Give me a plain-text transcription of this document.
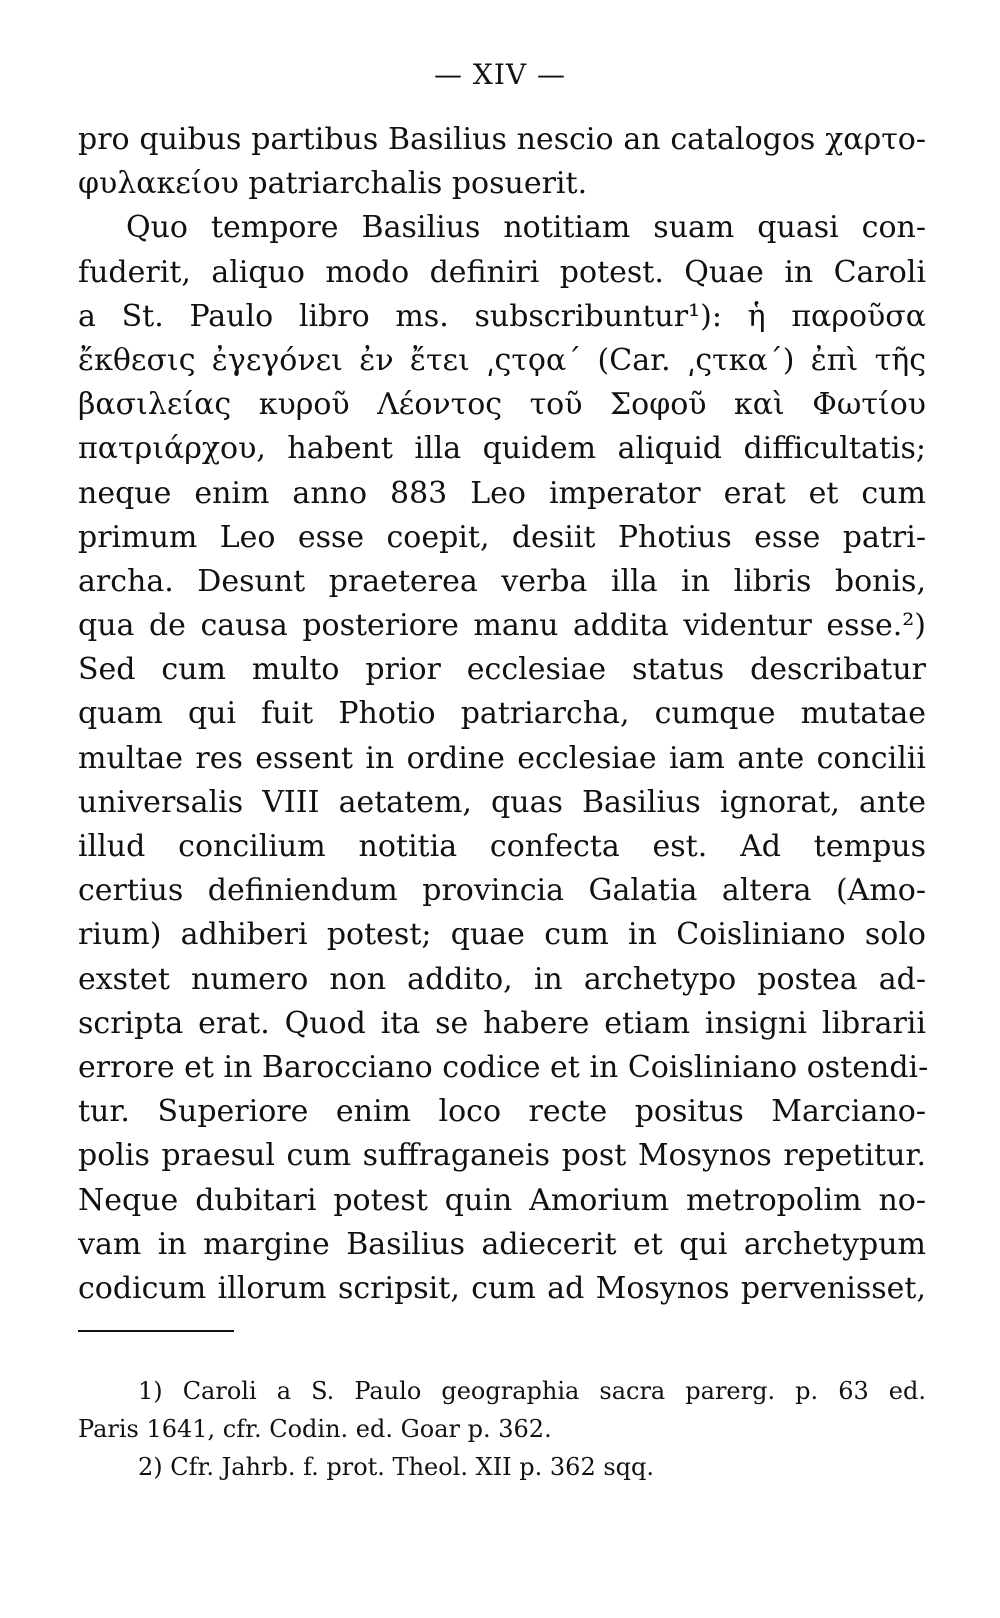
— XIV —
pro quibus partibus Basilius nescio an catalogos χαρτο-
φυλακείου patriarchalis posuerit.
Quo tempore Basilius notitiam suam quasi con-
fuderit, aliquo modo definiri potest. Quae in Caroli
a St. Paulo libro ms. subscribuntur¹): ἡ παροῦσα
ἔκθεσις ἐγεγόνει ἐν ἔτει ͵ςτϙα´ (Car. ͵ςτκα´) ἐπὶ τῆς
βασιλείας κυροῦ Λέοντος τοῦ Σοφοῦ καὶ Φωτίου
πατριάρχου, habent illa quidem aliquid difficultatis;
neque enim anno 883 Leo imperator erat et cum
primum Leo esse coepit, desiit Photius esse patri-
archa. Desunt praeterea verba illa in libris bonis,
qua de causa posteriore manu addita videntur esse.²)
Sed cum multo prior ecclesiae status describatur
quam qui fuit Photio patriarcha, cumque mutatae
multae res essent in ordine ecclesiae iam ante concilii
universalis VIII aetatem, quas Basilius ignorat, ante
illud concilium notitia confecta est. Ad tempus
certius definiendum provincia Galatia altera (Amo-
rium) adhiberi potest; quae cum in Coisliniano solo
exstet numero non addito, in archetypo postea ad-
scripta erat. Quod ita se habere etiam insigni librarii
errore et in Barocciano codice et in Coisliniano ostendi-
tur. Superiore enim loco recte positus Marciano-
polis praesul cum suffraganeis post Mosynos repetitur.
Neque dubitari potest quin Amorium metropolim no-
vam in margine Basilius adiecerit et qui archetypum
codicum illorum scripsit, cum ad Mosynos pervenisset,
1) Caroli a S. Paulo geographia sacra parerg. p. 63 ed.
Paris 1641, cfr. Codin. ed. Goar p. 362.
2) Cfr. Jahrb. f. prot. Theol. XII p. 362 sqq.
